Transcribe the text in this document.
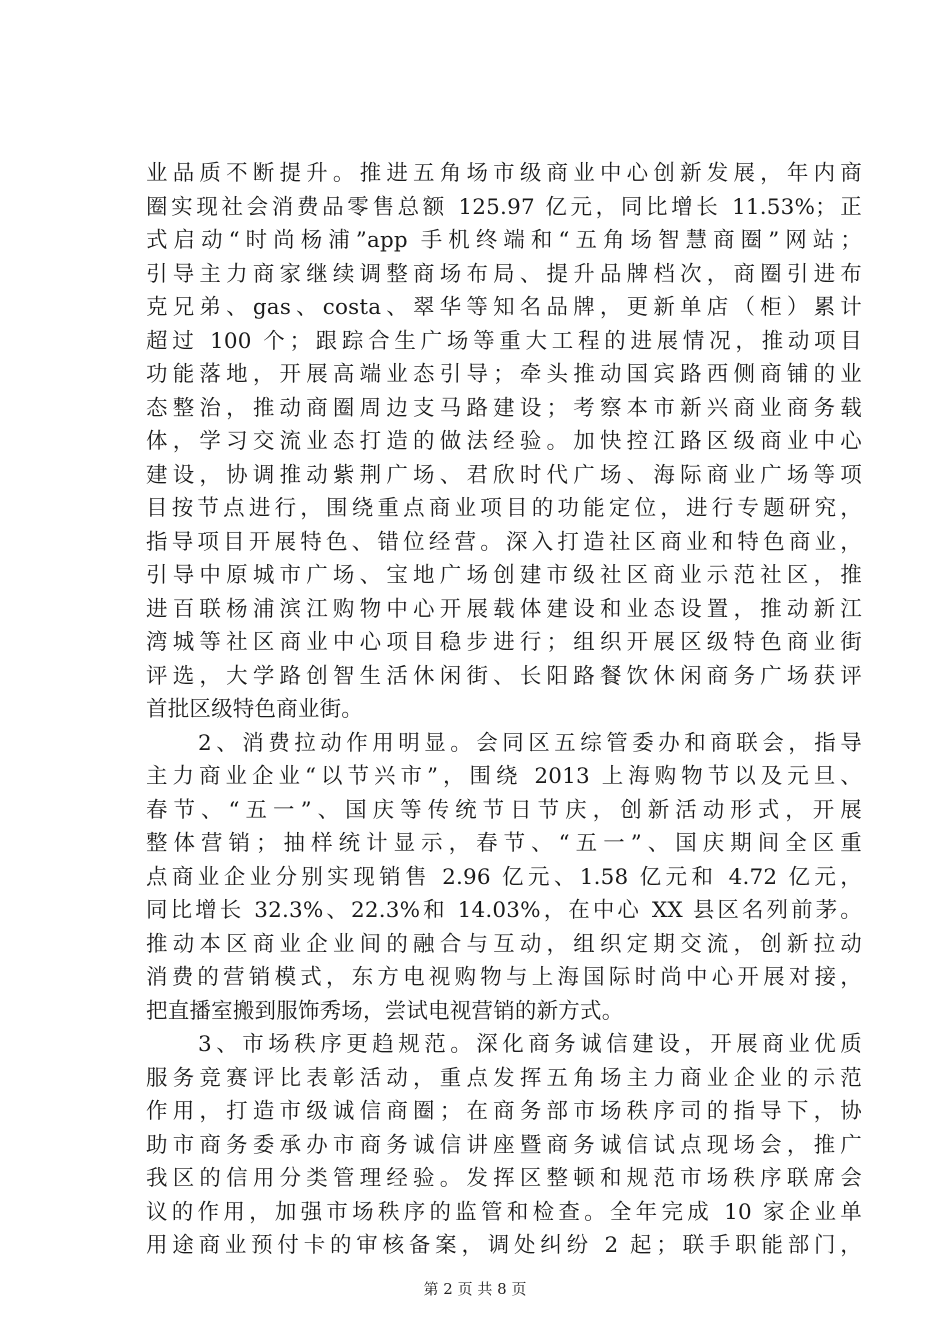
业品质不断提升。推进五角场市级商业中心创新发展，年内商
圈实现社会消费品零售总额 125.97 亿元，同比增长 11.53%；正
式启动“时尚杨浦”app 手机终端和“五角场智慧商圈”网站；
引导主力商家继续调整商场布局、提升品牌档次，商圈引进布
克兄弟、gas、costa、翠华等知名品牌，更新单店（柜）累计
超过 100 个；跟踪合生广场等重大工程的进展情况，推动项目
功能落地，开展高端业态引导；牵头推动国宾路西侧商铺的业
态整治，推动商圈周边支马路建设；考察本市新兴商业商务载
体，学习交流业态打造的做法经验。加快控江路区级商业中心
建设，协调推动紫荆广场、君欣时代广场、海际商业广场等项
目按节点进行，围绕重点商业项目的功能定位，进行专题研究，
指导项目开展特色、错位经营。深入打造社区商业和特色商业，
引导中原城市广场、宝地广场创建市级社区商业示范社区，推
进百联杨浦滨江购物中心开展载体建设和业态设置，推动新江
湾城等社区商业中心项目稳步进行；组织开展区级特色商业街
评选，大学路创智生活休闲街、长阳路餐饮休闲商务广场获评
首批区级特色商业街。
　　2、消费拉动作用明显。会同区五综管委办和商联会，指导
主力商业企业“以节兴市”，围绕 2013 上海购物节以及元旦、
春节、“五一”、国庆等传统节日节庆，创新活动形式，开展
整体营销；抽样统计显示，春节、“五一”、国庆期间全区重
点商业企业分别实现销售 2.96 亿元、1.58 亿元和 4.72 亿元，
同比增长 32.3%、22.3%和 14.03%，在中心 XX 县区名列前茅。
推动本区商业企业间的融合与互动，组织定期交流，创新拉动
消费的营销模式，东方电视购物与上海国际时尚中心开展对接，
把直播室搬到服饰秀场，尝试电视营销的新方式。
　　3、市场秩序更趋规范。深化商务诚信建设，开展商业优质
服务竞赛评比表彰活动，重点发挥五角场主力商业企业的示范
作用，打造市级诚信商圈；在商务部市场秩序司的指导下，协
助市商务委承办市商务诚信讲座暨商务诚信试点现场会，推广
我区的信用分类管理经验。发挥区整顿和规范市场秩序联席会
议的作用，加强市场秩序的监管和检查。全年完成 10 家企业单
用途商业预付卡的审核备案，调处纠纷 2 起；联手职能部门，
第 2 页 共 8 页
